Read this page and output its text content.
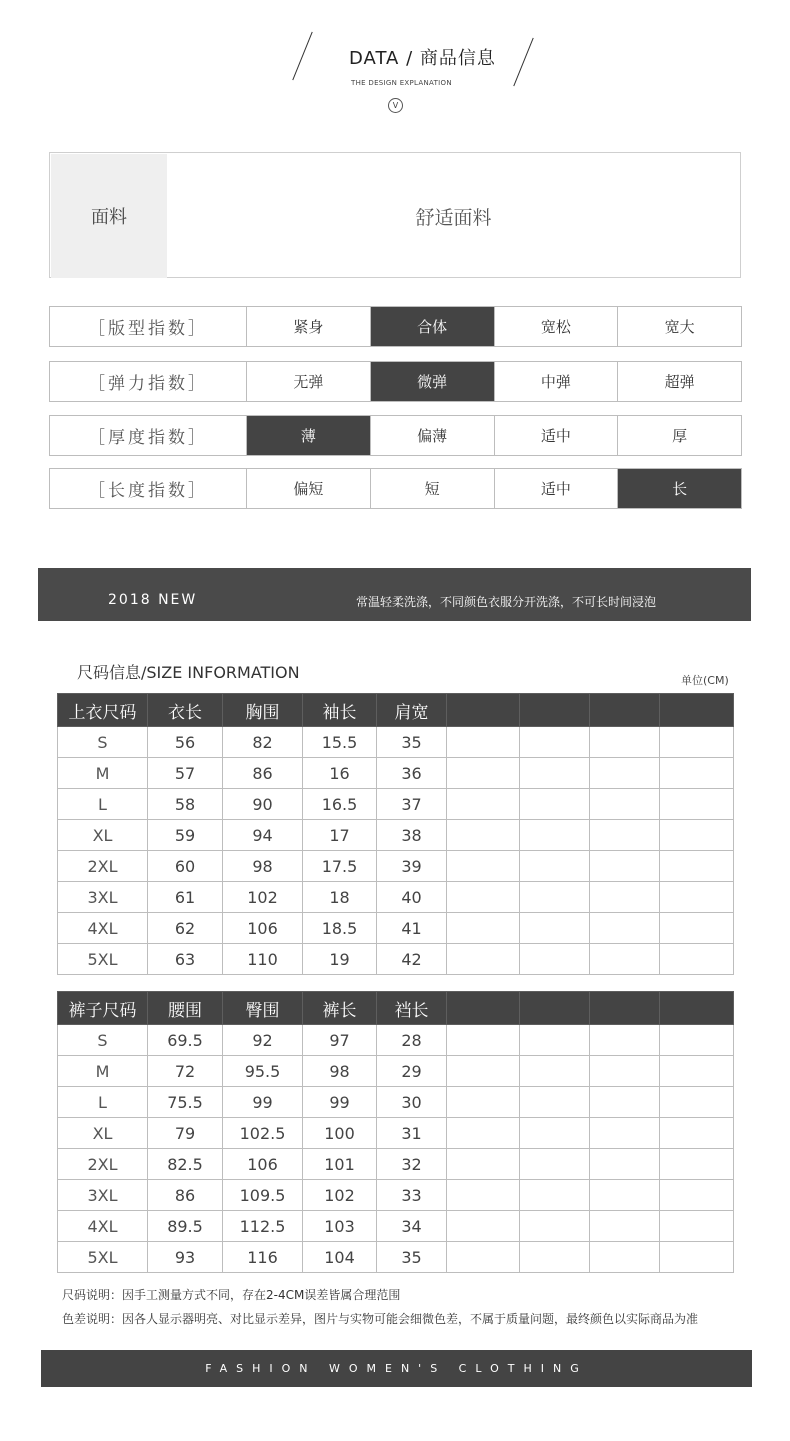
DATA / 商品信息
THE DESIGN EXPLANATION
V
面料	舒适面料
［版型指数］	紧身	合体	宽松	宽大
［弹力指数］	无弹	微弹	中弹	超弹
［厚度指数］	薄	偏薄	适中	厚
［长度指数］	偏短	短	适中	长
2018 NEW	常温轻柔洗涤，不同颜色衣服分开洗涤，不可长时间浸泡
尺码信息/SIZE INFORMATION	单位(CM)
上衣尺码	衣长	胸围	袖长	肩宽				
S	56	82	15.5	35				
M	57	86	16	36				
L	58	90	16.5	37				
XL	59	94	17	38				
2XL	60	98	17.5	39				
3XL	61	102	18	40				
4XL	62	106	18.5	41				
5XL	63	110	19	42				
裤子尺码	腰围	臀围	裤长	裆长				
S	69.5	92	97	28				
M	72	95.5	98	29				
L	75.5	99	99	30				
XL	79	102.5	100	31				
2XL	82.5	106	101	32				
3XL	86	109.5	102	33				
4XL	89.5	112.5	103	34				
5XL	93	116	104	35				
尺码说明：因手工测量方式不同，存在2-4CM误差皆属合理范围
色差说明：因各人显示器明亮、对比显示差异，图片与实物可能会细微色差，不属于质量问题，最终颜色以实际商品为准
FASHION WOMEN'S CLOTHING
